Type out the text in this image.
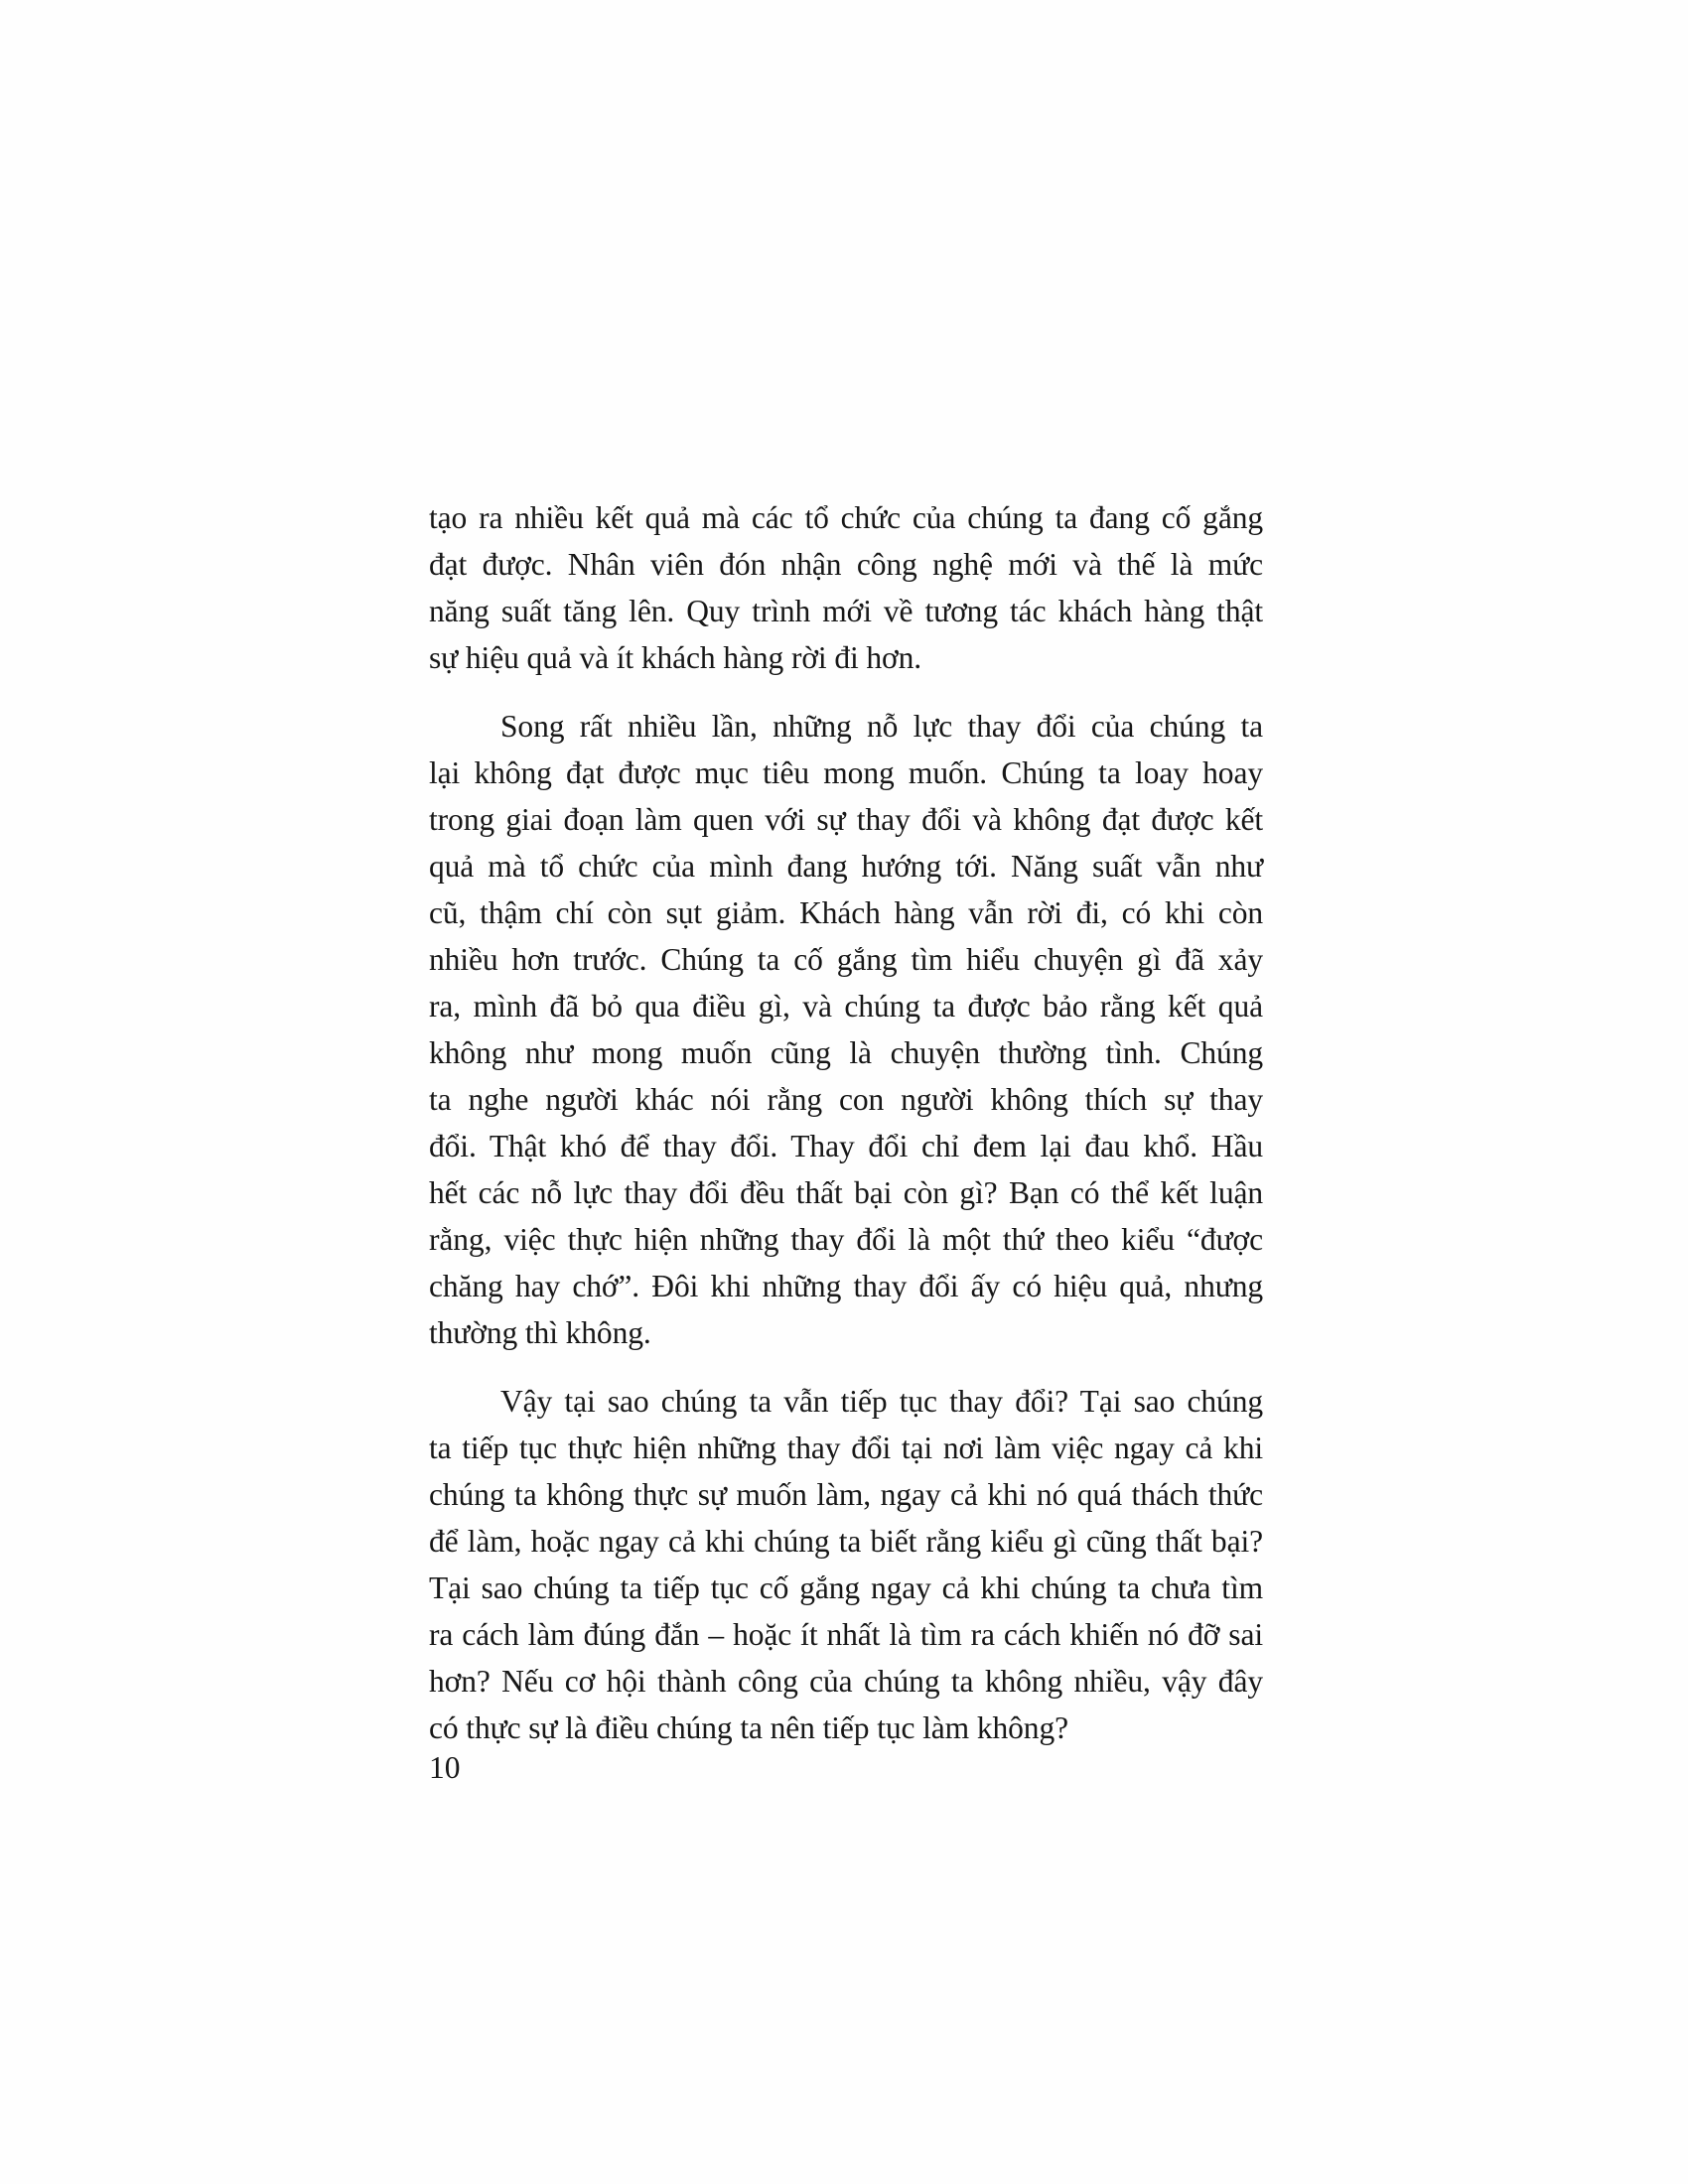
tạo ra nhiều kết quả mà các tổ chức của chúng ta đang cố gắng
đạt được. Nhân viên đón nhận công nghệ mới và thế là mức
năng suất tăng lên. Quy trình mới về tương tác khách hàng thật
sự hiệu quả và ít khách hàng rời đi hơn.

Song rất nhiều lần, những nỗ lực thay đổi của chúng ta
lại không đạt được mục tiêu mong muốn. Chúng ta loay hoay
trong giai đoạn làm quen với sự thay đổi và không đạt được kết
quả mà tổ chức của mình đang hướng tới. Năng suất vẫn như
cũ, thậm chí còn sụt giảm. Khách hàng vẫn rời đi, có khi còn
nhiều hơn trước. Chúng ta cố gắng tìm hiểu chuyện gì đã xảy
ra, mình đã bỏ qua điều gì, và chúng ta được bảo rằng kết quả
không như mong muốn cũng là chuyện thường tình. Chúng
ta nghe người khác nói rằng con người không thích sự thay
đổi. Thật khó để thay đổi. Thay đổi chỉ đem lại đau khổ. Hầu
hết các nỗ lực thay đổi đều thất bại còn gì? Bạn có thể kết luận
rằng, việc thực hiện những thay đổi là một thứ theo kiểu “được
chăng hay chớ”. Đôi khi những thay đổi ấy có hiệu quả, nhưng
thường thì không.

Vậy tại sao chúng ta vẫn tiếp tục thay đổi? Tại sao chúng
ta tiếp tục thực hiện những thay đổi tại nơi làm việc ngay cả khi
chúng ta không thực sự muốn làm, ngay cả khi nó quá thách thức
để làm, hoặc ngay cả khi chúng ta biết rằng kiểu gì cũng thất bại?
Tại sao chúng ta tiếp tục cố gắng ngay cả khi chúng ta chưa tìm
ra cách làm đúng đắn – hoặc ít nhất là tìm ra cách khiến nó đỡ sai
hơn? Nếu cơ hội thành công của chúng ta không nhiều, vậy đây
có thực sự là điều chúng ta nên tiếp tục làm không?

10
